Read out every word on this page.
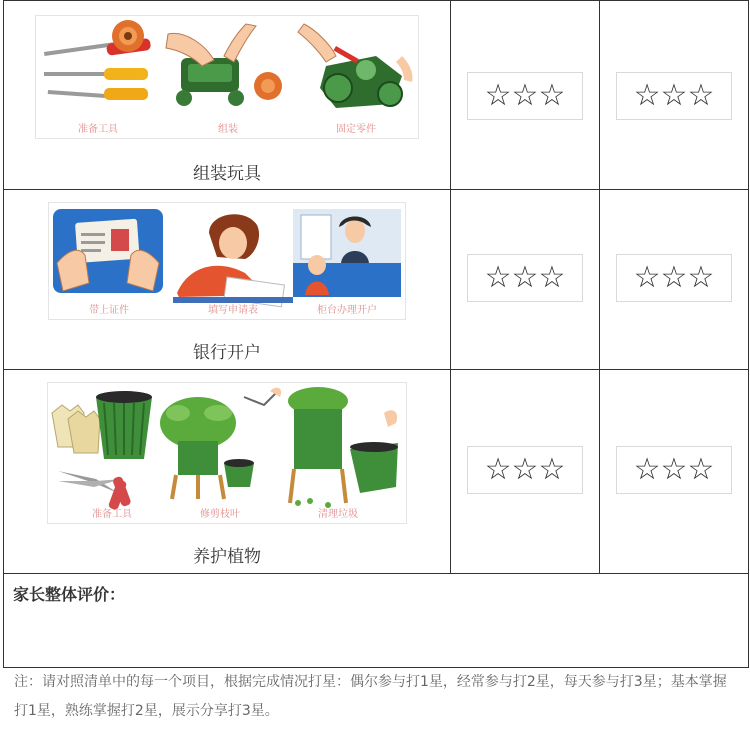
准备工具 组装 固定零件
组装玩具	☆☆☆	☆☆☆

带上证件 填写申请表 柜台办理开户
银行开户	☆☆☆	☆☆☆

准备工具 修剪枝叶 清理垃圾
养护植物	☆☆☆	☆☆☆

家长整体评价：		
注：请对照清单中的每一个项目，根据完成情况打星：偶尔参与打1星，经常参与打2星，每天参与打3星；基本掌握打1星，熟练掌握打2星，展示分享打3星。
